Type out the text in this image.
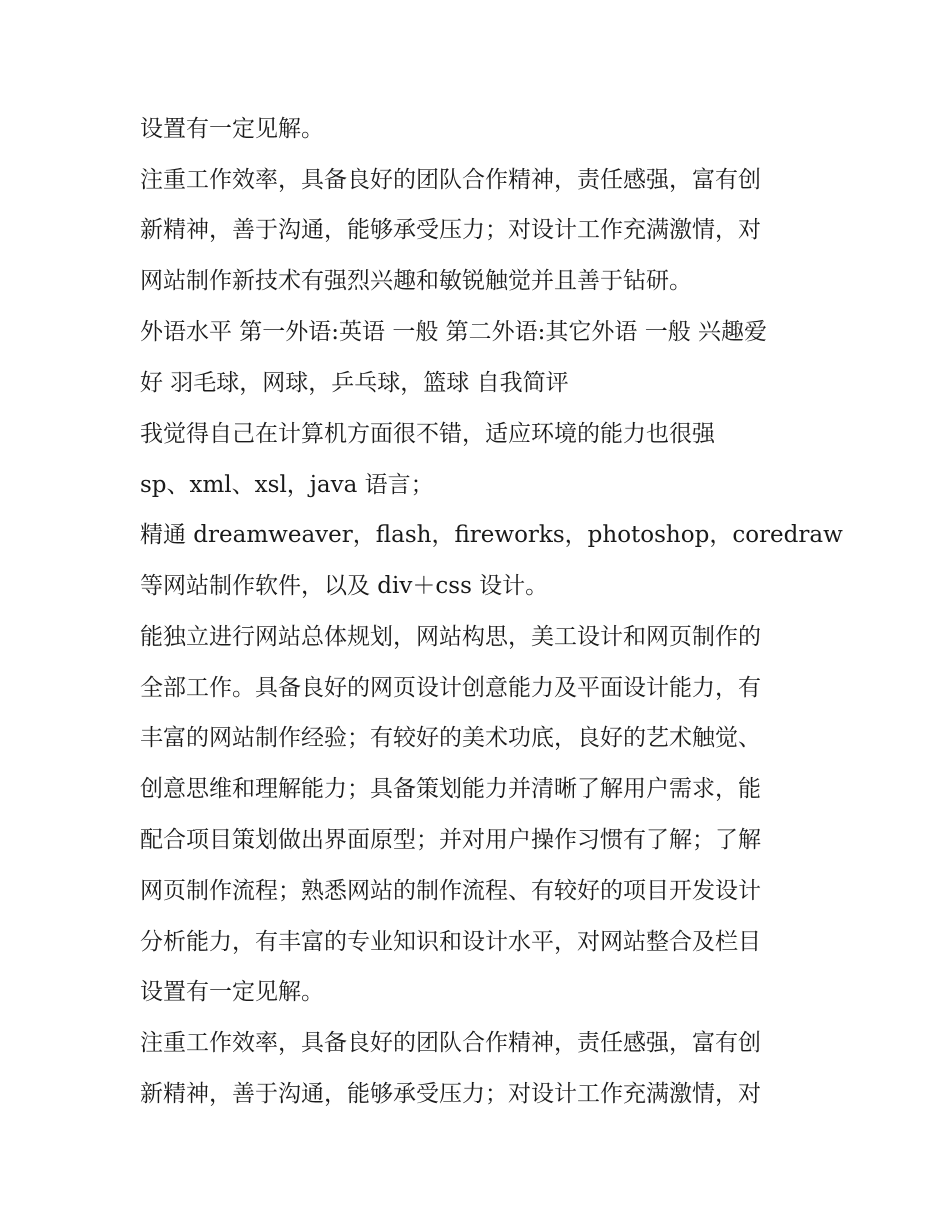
设置有一定见解。
注重工作效率，具备良好的团队合作精神，责任感强，富有创
新精神，善于沟通，能够承受压力；对设计工作充满激情，对
网站制作新技术有强烈兴趣和敏锐触觉并且善于钻研。
外语水平 第一外语:英语 一般 第二外语:其它外语 一般 兴趣爱
好 羽毛球，网球，乒乓球，篮球 自我简评
我觉得自己在计算机方面很不错，适应环境的能力也很强
sp、xml、xsl，java 语言；
精通 dreamweaver，flash，fireworks，photoshop，coredraw
等网站制作软件，以及 div＋css 设计。
能独立进行网站总体规划，网站构思，美工设计和网页制作的
全部工作。具备良好的网页设计创意能力及平面设计能力，有
丰富的网站制作经验；有较好的美术功底，良好的艺术触觉、
创意思维和理解能力；具备策划能力并清晰了解用户需求，能
配合项目策划做出界面原型；并对用户操作习惯有了解；了解
网页制作流程；熟悉网站的制作流程、有较好的项目开发设计
分析能力，有丰富的专业知识和设计水平，对网站整合及栏目
设置有一定见解。
注重工作效率，具备良好的团队合作精神，责任感强，富有创
新精神，善于沟通，能够承受压力；对设计工作充满激情，对
